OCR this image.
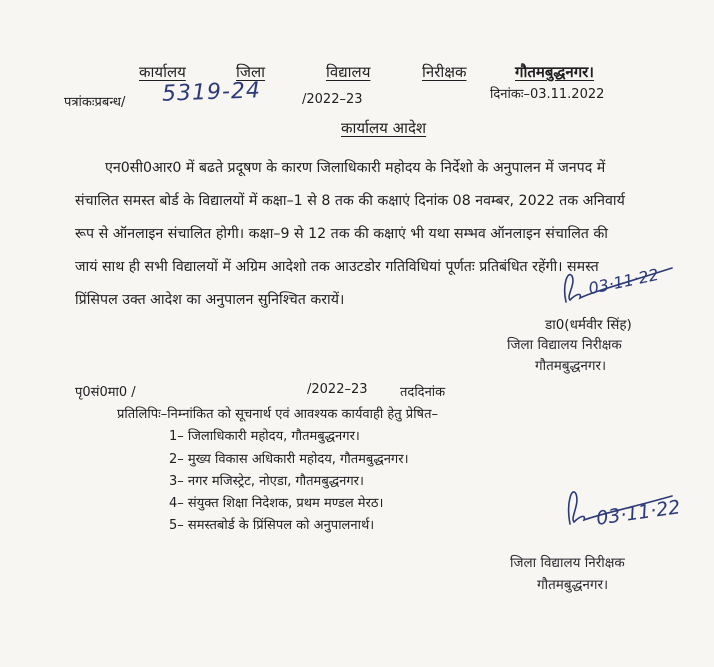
कार्यालय	जिला	विद्यालय	निरीक्षक	गौतमबुद्धनगर।
पत्रांकःप्रबन्ध/ 5319-24	/2022–23	दिनांकः–03.11.2022
कार्यालय आदेश
एन0सी0आर0 में बढते प्रदूषण के कारण जिलाधिकारी महोदय के निर्देशो के अनुपालन में जनपद में
संचालित समस्त बोर्ड के विद्यालयों में कक्षा–1 से 8 तक की कक्षाएं दिनांक 08 नवम्बर, 2022 तक अनिवार्य
रूप से ऑनलाइन संचालित होगी। कक्षा–9 से 12 तक की कक्षाएं भी यथा सम्भव ऑनलाइन संचालित की
जायं साथ ही सभी विद्यालयों में अग्रिम आदेशो तक आउटडोर गतिविधियां पूर्णतः प्रतिबंधित रहेंगी। समस्त
प्रिंसिपल उक्त आदेश का अनुपालन सुनिश्चित करायें।
03·11·22
डा0(धर्मवीर सिंह)
जिला विद्यालय निरीक्षक
गौतमबुद्धनगर।
पृ0सं0मा0 /	/2022–23 तददिनांक
प्रतिलिपिः–निम्नांकित को सूचनार्थ एवं आवश्यक कार्यवाही हेतु प्रेषित–
1– जिलाधिकारी महोदय, गौतमबुद्धनगर।
2– मुख्य विकास अधिकारी महोदय, गौतमबुद्धनगर।
3– नगर मजिस्ट्रेट, नोएडा, गौतमबुद्धनगर।
4– संयुक्त शिक्षा निदेशक, प्रथम मण्डल मेरठ।
5– समस्तबोर्ड के प्रिंसिपल को अनुपालनार्थ।	03·11·22
जिला विद्यालय निरीक्षक
गौतमबुद्धनगर।
